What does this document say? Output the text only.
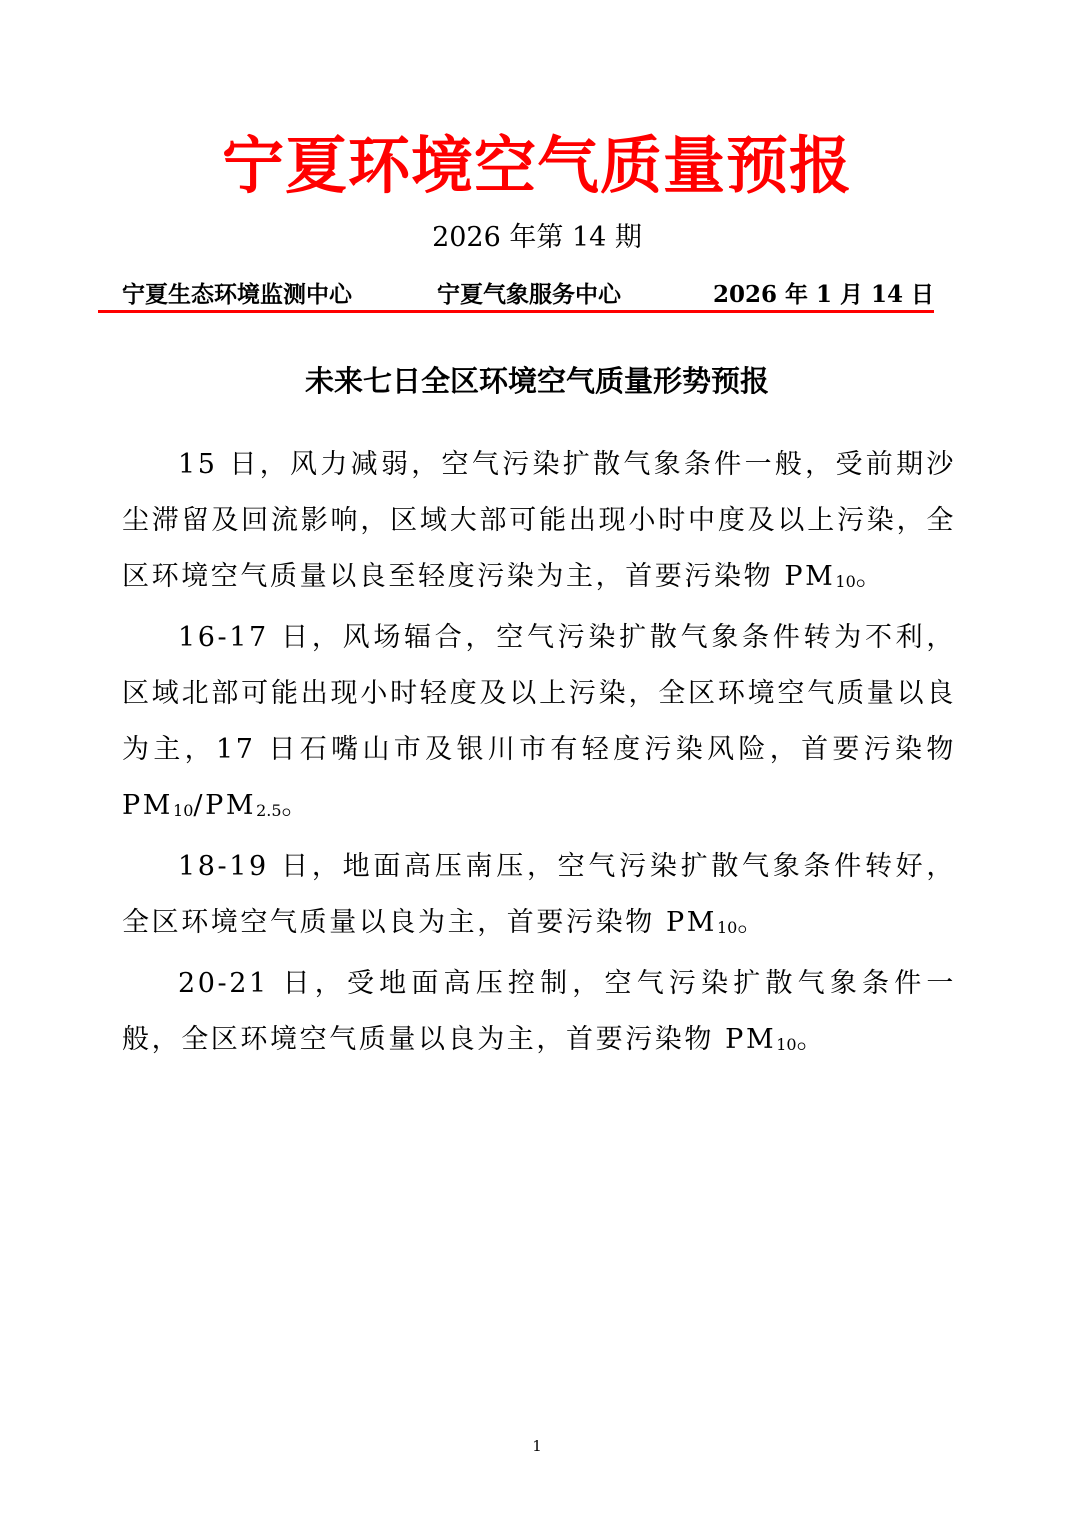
宁夏环境空气质量预报
2026 年第 14 期
宁夏生态环境监测中心	宁夏气象服务中心	2026 年 1 月 14 日
未来七日全区环境空气质量形势预报

15 日，风力减弱，空气污染扩散气象条件一般，受前期沙尘滞留及回流影响，区域大部可能出现小时中度及以上污染，全区环境空气质量以良至轻度污染为主，首要污染物 $PM_{10}$。

16-17 日，风场辐合，空气污染扩散气象条件转为不利，区域北部可能出现小时轻度及以上污染，全区环境空气质量以良为主，17 日石嘴山市及银川市有轻度污染风险，首要污染物 $PM_{10}/PM_{2.5}$。

18-19 日，地面高压南压，空气污染扩散气象条件转好，全区环境空气质量以良为主，首要污染物 $PM_{10}$。

20-21 日，受地面高压控制，空气污染扩散气象条件一般，全区环境空气质量以良为主，首要污染物 $PM_{10}$。

1
